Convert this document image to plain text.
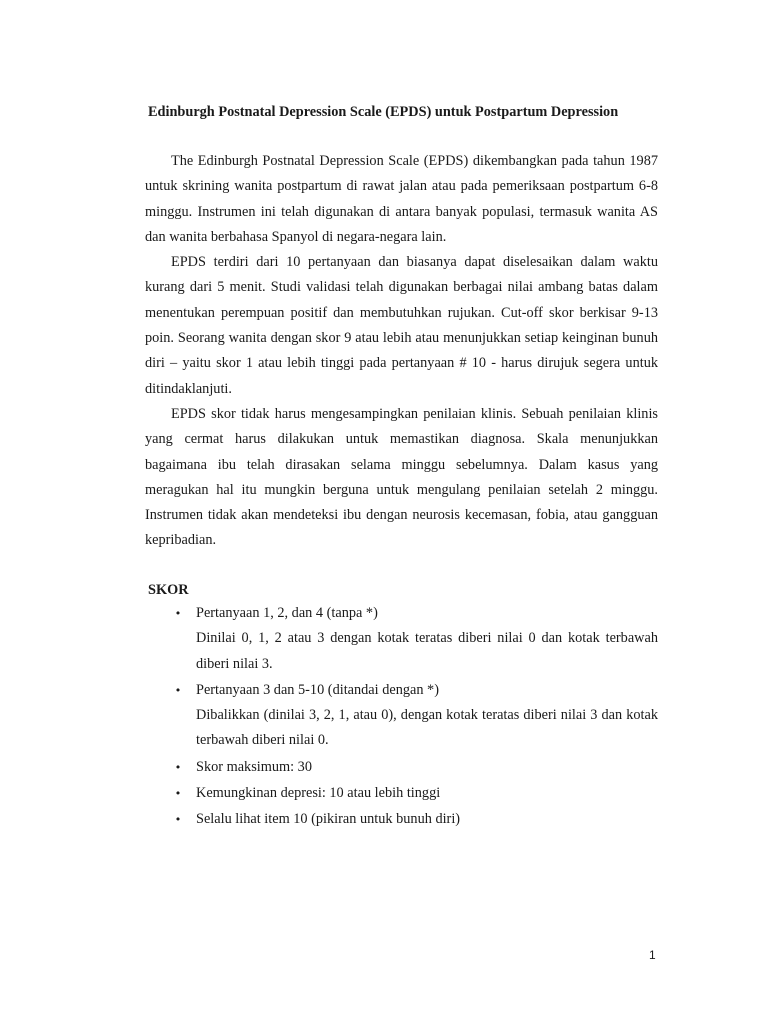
Edinburgh Postnatal Depression Scale (EPDS) untuk Postpartum Depression

The Edinburgh Postnatal Depression Scale (EPDS) dikembangkan pada tahun 1987 untuk skrining wanita postpartum di rawat jalan atau pada pemeriksaan postpartum 6-8 minggu. Instrumen ini telah digunakan di antara banyak populasi, termasuk wanita AS dan wanita berbahasa Spanyol di negara-negara lain.

EPDS terdiri dari 10 pertanyaan dan biasanya dapat diselesaikan dalam waktu kurang dari 5 menit. Studi validasi telah digunakan berbagai nilai ambang batas dalam menentukan perempuan positif dan membutuhkan rujukan. Cut-off skor berkisar 9-13 poin. Seorang wanita dengan skor 9 atau lebih atau menunjukkan setiap keinginan bunuh diri – yaitu skor 1 atau lebih tinggi pada pertanyaan # 10 - harus dirujuk segera untuk ditindaklanjuti.

EPDS skor tidak harus mengesampingkan penilaian klinis. Sebuah penilaian klinis yang cermat harus dilakukan untuk memastikan diagnosa. Skala menunjukkan bagaimana ibu telah dirasakan selama minggu sebelumnya. Dalam kasus yang meragukan hal itu mungkin berguna untuk mengulang penilaian setelah 2 minggu. Instrumen tidak akan mendeteksi ibu dengan neurosis kecemasan, fobia, atau gangguan kepribadian.

SKOR
• Pertanyaan 1, 2, dan 4 (tanpa *)
Dinilai 0, 1, 2 atau 3 dengan kotak teratas diberi nilai 0 dan kotak terbawah diberi nilai 3.
• Pertanyaan 3 dan 5-10 (ditandai dengan *)
Dibalikkan (dinilai 3, 2, 1, atau 0), dengan kotak teratas diberi nilai 3 dan kotak terbawah diberi nilai 0.
• Skor maksimum: 30
• Kemungkinan depresi: 10 atau lebih tinggi
• Selalu lihat item 10 (pikiran untuk bunuh diri)
1
